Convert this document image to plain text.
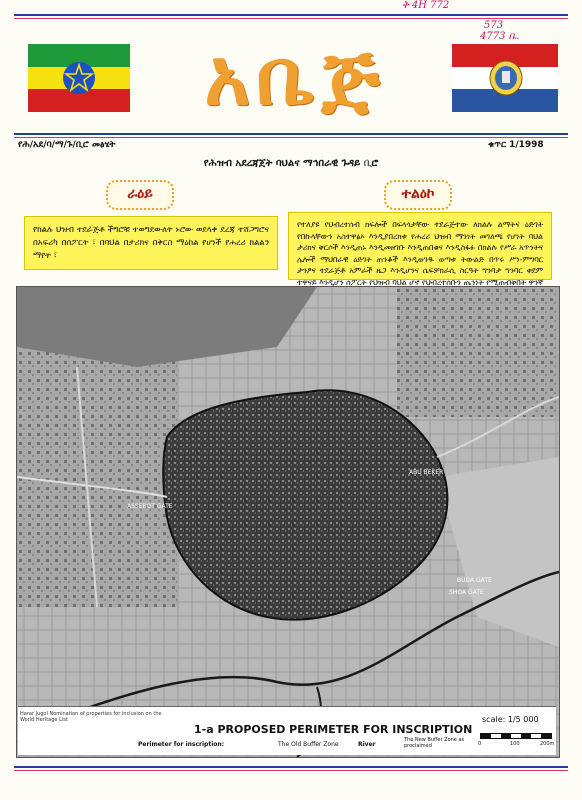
ቅ 4H 772
573
4773 ቤ.
አቤጅ
የሕ/አደ/ባ/ማ/ጉ/ቢሮ መፅሄት	ቁጥር 1/1998
የሕዝብ አደረጃጀት ባህልና ማኅበራዊ ጉዳይ ቢሮ
ራዕይ	ተልዕኮ
የክልሉ ህዝብ ተደራጅቶ ችግሮቹ ተወግደውለት ኑሮው ወደላቀ ደረጃ ተሸጋግሮና በአፍሪካ በሰፖርት ፣ በባህል በታሪክና በቅርስ ማዕከል የሆነች የሐረሪ ክልልን ማየት ፣
የተለያዩ የህብረተሰብ ክፍሎች በፍላጎታቸው ተደራጅተው ለክልሉ ልማትና ዕድገት የበኩላቸውን አስተዋፅኦ እንዲያበረክቱ የሐረሪ ህዝብ ማንነት መገለጫ የሆነት ባህል ታሪክና ቅርሶች እንዲጠኑ እንዲመዘገቡ እንዲጠበቁና እንዲስፋፉ በክልሉ የሥራ አጥንትና ሌሎች ማህበራዊ ዕድገት ጠንቆች እንዲወገዱ ወጣቱ ትውልድ በጥሩ ሥነ-ምግባር ታንፆና ተደራጅቶ አምራች ዜጋ እንዲሆንና ሴፍቻክራሲ ስርዓት ግንባታ ግንባር ቀደም ተዋናይ እንዲሆን ሰፖርት የህዝብ ባህል ሆኖ የህብረተሰቡን ጤንነት የሚጠብቅበት ዋንኛ
ABU BEKER
ASSEBOT GATE
SHOA GATE
BUDA GATE
Harar Jugol Nomination of properties for inclusion on the World Heritage List
1-a PROPOSED PERIMETER FOR INSCRIPTION
scale: 1/5 000
Perimeter for inscription:	The Old Buffer Zone	River
The New Buffer Zone as proclaimed	0	100	200m
